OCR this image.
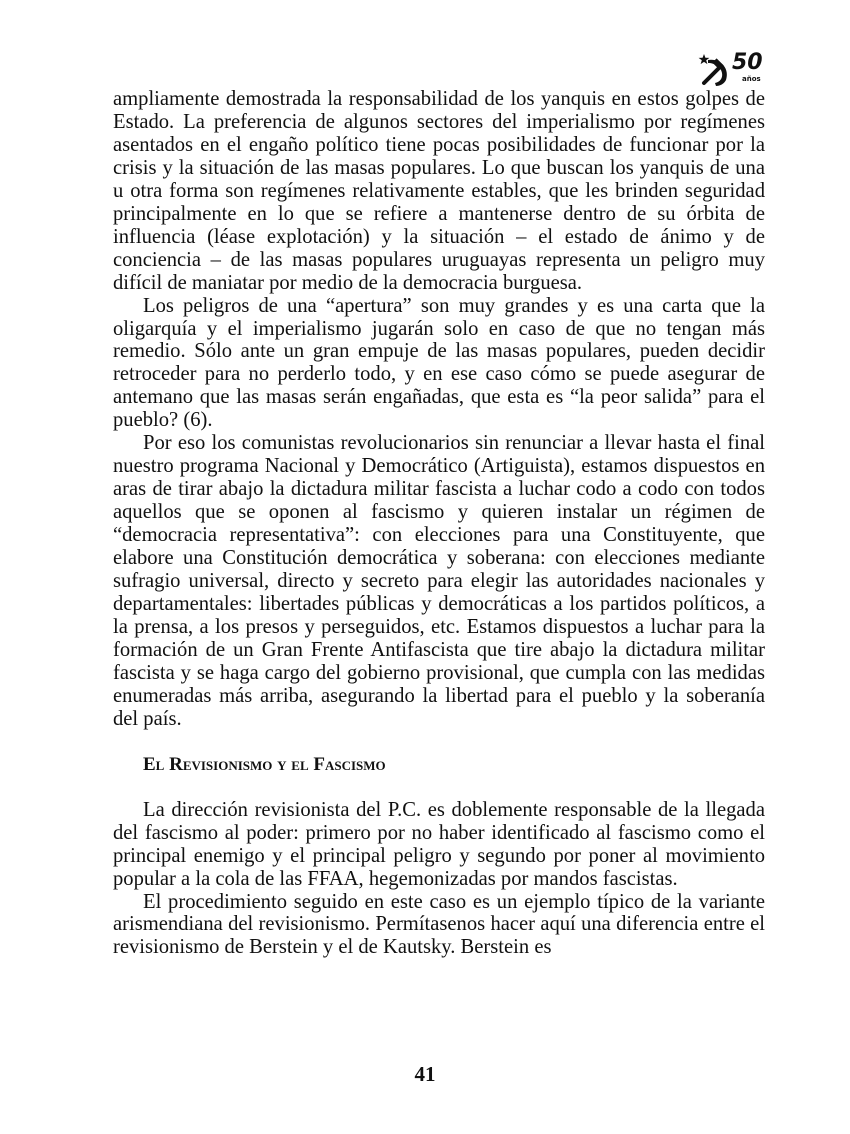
50
años

ampliamente demostrada la responsabilidad de los yanquis en estos golpes de Estado. La preferencia de algunos sectores del imperialismo por regímenes asentados en el engaño político tiene pocas posibilidades de funcionar por la crisis y la situación de las masas populares. Lo que buscan los yanquis de una u otra forma son regímenes relativamente estables, que les brinden seguridad principalmente en lo que se refiere a mantenerse dentro de su órbita de influencia (léase explotación) y la situación – el estado de ánimo y de conciencia – de las masas populares uruguayas representa un peligro muy difícil de maniatar por medio de la democracia burguesa.

Los peligros de una “apertura” son muy grandes y es una carta que la oligarquía y el imperialismo jugarán solo en caso de que no tengan más remedio. Sólo ante un gran empuje de las masas populares, pueden decidir retroceder para no perderlo todo, y en ese caso cómo se puede asegurar de antemano que las masas serán engañadas, que esta es “la peor salida” para el pueblo? (6).

Por eso los comunistas revolucionarios sin renunciar a llevar hasta el final nuestro programa Nacional y Democrático (Artiguista), estamos dispuestos en aras de tirar abajo la dictadura militar fascista a luchar codo a codo con todos aquellos que se oponen al fascismo y quieren instalar un régimen de “democracia representativa”: con elecciones para una Constituyente, que elabore una Constitución democrática y soberana: con elecciones mediante sufragio universal, directo y secreto para elegir las autoridades nacionales y departamentales: libertades públicas y democráticas a los partidos políticos, a la prensa, a los presos y perseguidos, etc. Estamos dispuestos a luchar para la formación de un Gran Frente Antifascista que tire abajo la dictadura militar fascista y se haga cargo del gobierno provisional, que cumpla con las medidas enumeradas más arriba, asegurando la libertad para el pueblo y la soberanía del país.

El Revisionismo y el Fascismo

La dirección revisionista del P.C. es doblemente responsable de la llegada del fascismo al poder: primero por no haber identificado al fascismo como el principal enemigo y el principal peligro y segundo por poner al movimiento popular a la cola de las FFAA, hegemonizadas por mandos fascistas.

El procedimiento seguido en este caso es un ejemplo típico de la variante arismendiana del revisionismo. Permítasenos hacer aquí una diferencia entre el revisionismo de Berstein y el de Kautsky. Berstein es

41
